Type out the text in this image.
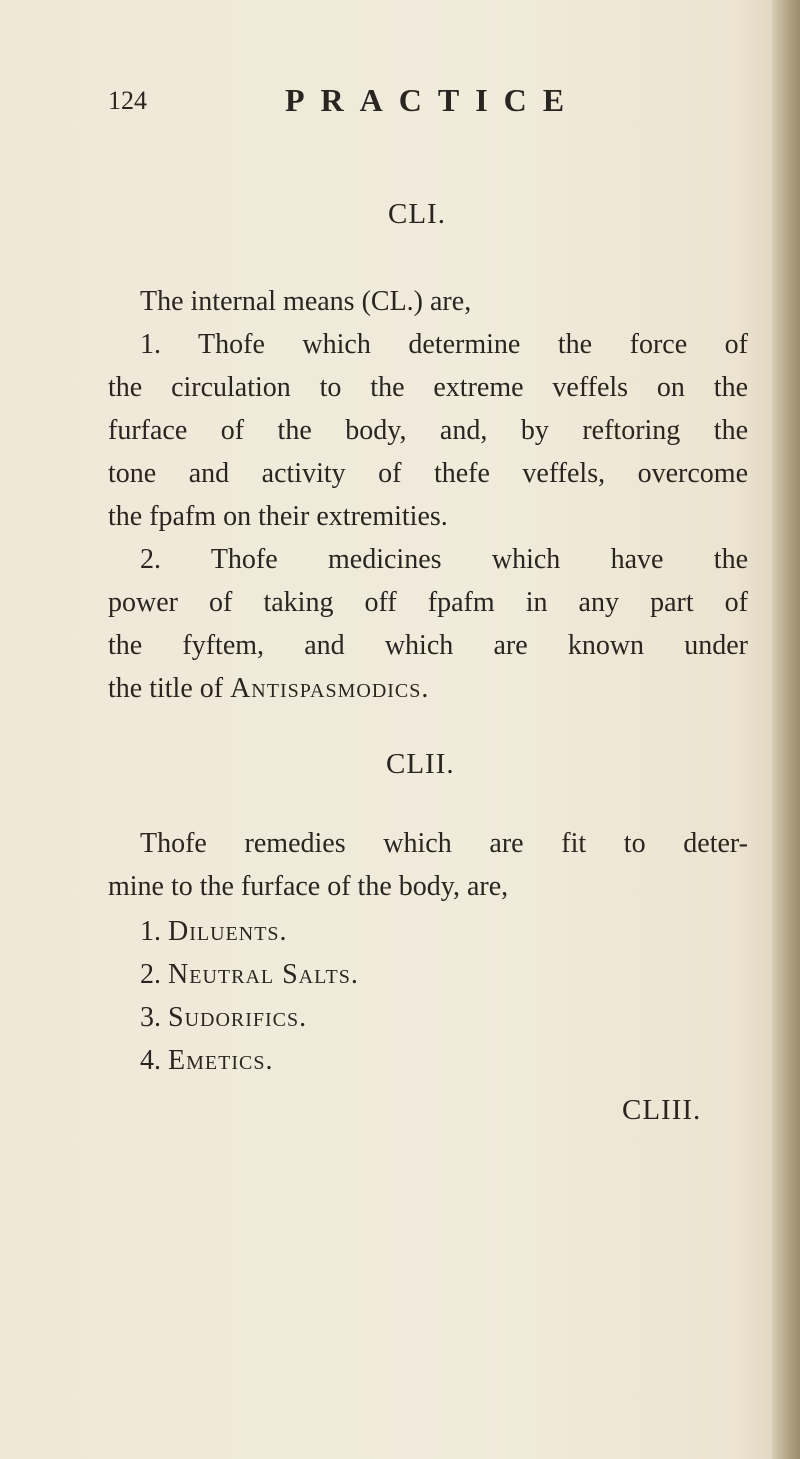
124	PRACTICE
CLI.
The internal means (CL.) are,
1. Thofe which determine the force of
the circulation to the extreme veffels on the
furface of the body, and, by reftoring the
tone and activity of thefe veffels, overcome
the fpafm on their extremities.
2. Thofe medicines which have the
power of taking off fpafm in any part of
the fyftem, and which are known under
the title of Antispasmodics.
CLII.
Thofe remedies which are fit to deter-
mine to the furface of the body, are,
1. Diluents.
2. Neutral Salts.
3. Sudorifics.
4. Emetics.
CLIII.
